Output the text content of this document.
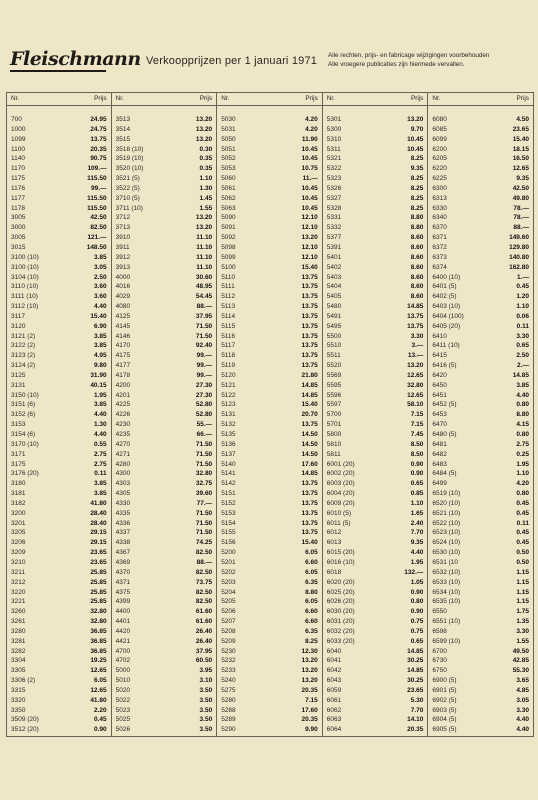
Fleischmann Verkoopprijzen per 1 januari 1971 Alle rechten, prijs- en fabricage wijzigingen voorbehouden
Alle vroegere publicaties zijn hiermede vervallen.
Nr.	Prijs
700	24.95
1000	24.75
1099	13.75
1100	20.35
1140	90.75
1170	109.—
1175	115.50
1176	99.—
1177	115.50
1178	115.50
3005	42.50
3000	82.50
3005	121.—
3015	148.50
3100 (10)	3.85
3100 (10)	3.05
3104 (10)	2.50
3110 (10)	3.60
3111 (10)	3.60
3112 (10)	4.40
3117	15.40
3120	6.90
3121 (2)	3.85
3122 (2)	3.85
3123 (2)	4.95
3124 (2)	9.80
3125	31.90
3131	40.15
3150 (10)	1.95
3151 (6)	3.85
3152 (6)	4.40
3153	1.30
3154 (6)	4.40
3170 (10)	0.55
3171	2.75
3175	2.75
3176 (20)	0.11
3180	3.85
3181	3.85
3182	41.80
3200	28.40
3201	28.40
3205	29.15
3206	29.15
3209	23.65
3210	23.65
3211	25.85
3212	25.85
3220	25.85
3221	25.85
3260	32.80
3261	32.80
3280	36.85
3281	36.85
3282	36.85
3304	19.25
3305	12.65
3306 (2)	6.05
3315	12.65
3320	41.80
3350	2.20
3509 (20)	0.45
3512 (20)	0.90
Nr.	Prijs
3513	13.20
3514	13.20
3515	13.20
3518 (10)	0.30
3519 (10)	0.35
3520 (10)	0.35
3521 (5)	1.10
3522 (5)	1.30
3710 (5)	1.45
3711 (10)	1.55
3712	13.20
3713	13.20
3910	11.10
3911	11.10
3912	11.10
3913	11.10
4000	30.60
4016	48.95
4029	54.45
4080	88.—
4125	37.95
4145	71.50
4146	71.50
4170	92.40
4175	99.—
4177	99.—
4178	99.—
4200	27.30
4201	27.30
4225	52.80
4226	52.80
4230	55.—
4235	66.—
4270	71.50
4271	71.50
4280	71.50
4300	32.80
4303	32.75
4305	39.60
4330	77.—
4335	71.50
4336	71.50
4337	71.50
4338	74.25
4367	82.50
4369	88.—
4370	82.50
4371	73.75
4375	82.50
4399	82.50
4400	61.60
4401	61.60
4420	26.40
4421	26.40
4700	37.95
4702	60.50
5000	3.95
5010	3.10
5020	3.50
5022	3.50
5023	3.50
5025	3.50
5026	3.50
Nr.	Prijs
5030	4.20
5031	4.20
5050	11.90
5051	10.45
5052	10.45
5053	10.75
5060	11.—
5061	10.45
5062	10.45
5063	10.45
5090	12.10
5091	12.10
5092	13.20
5098	12.10
5099	12.10
5100	15.40
5110	13.75
5111	13.75
5112	13.75
5113	13.75
5114	13.75
5115	13.75
5116	13.75
5117	13.75
5118	13.75
5119	13.75
5120	21.80
5121	14.85
5122	14.85
5123	15.40
5131	20.70
5132	13.75
5135	14.50
5136	14.50
5137	14.50
5140	17.60
5141	14.85
5142	13.75
5151	13.75
5152	13.75
5153	13.75
5154	13.75
5155	13.75
5156	15.40
5200	6.05
5201	6.60
5202	6.05
5203	6.35
5204	8.80
5205	6.05
5206	6.60
5207	6.60
5208	6.35
5209	8.25
5230	12.30
5232	13.20
5233	13.20
5240	13.20
5275	20.35
5280	7.15
5288	17.60
5289	20.35
5290	9.90
Nr.	Prijs
5301	13.20
5300	9.70
5310	10.45
5311	10.45
5321	8.25
5322	9.35
5323	8.25
5326	8.25
5327	8.25
5328	8.25
5331	8.80
5332	8.80
5377	8.60
5391	8.60
5401	8.60
5402	8.60
5403	8.60
5404	8.60
5405	8.60
5480	14.85
5491	13.75
5495	13.75
5500	3.30
5510	3.—
5511	13.—
5520	13.20
5569	12.65
5595	32.80
5596	12.65
5597	58.10
5700	7.15
5701	7.15
5800	7.45
5810	8.50
5811	8.50
6001 (20)	0.90
6002 (20)	0.90
6003 (20)	0.65
6004 (20)	0.85
6009 (20)	1.10
6010 (5)	1.65
6011 (5)	2.40
6012	7.70
6013	9.35
6015 (20)	4.40
6016 (10)	1.95
6018	132.—
6020 (20)	1.05
6025 (20)	0.90
6026 (20)	0.80
6030 (20)	0.90
6031 (20)	0.75
6032 (20)	0.75
6033 (20)	0.65
6040	14.85
6041	30.25
6042	14.85
6043	30.25
6059	23.65
6061	5.30
6062	7.70
6063	14.10
6064	20.35
Nr.	Prijs
6080	4.50
6085	23.65
6099	15.40
6200	18.15
6205	16.50
6220	12.65
6225	9.35
6300	42.50
6313	49.80
6330	78.—
6340	78.—
6370	88.—
6371	149.60
6372	129.80
6373	140.80
6374	162.80
6400 (10)	1.—
6401 (5)	0.45
6402 (5)	1.20
6403 (10)	1.10
6404 (100)	0.06
6405 (20)	0.11
6410	3.30
6411 (10)	0.65
6415	2.50
6416 (5)	2.—
6420	14.85
6450	3.85
6451	4.40
6452 (5)	0.80
6453	8.80
6470	4.15
6480 (5)	0.80
6481	2.75
6482	0.25
6483	1.95
6484 (5)	1.10
6499	4.20
6519 (10)	0.80
6520 (10)	0.45
6521 (10)	0.45
6522 (10)	0.11
6523 (10)	0.45
6524 (10)	0.45
6530 (10)	0.50
6531 (10	0.50
6532 (10)	1.15
6533 (10)	1.15
6534 (10)	1.15
6535 (10)	1.15
6550	1.75
6551 (10)	1.35
6598	3.30
6599 (10)	1.55
6700	49.50
6730	42.85
6750	55.30
6900 (5)	3.65
6901 (5)	4.85
6902 (5)	3.05
6903 (5)	3.30
6904 (5)	4.40
6905 (5)	4.40
